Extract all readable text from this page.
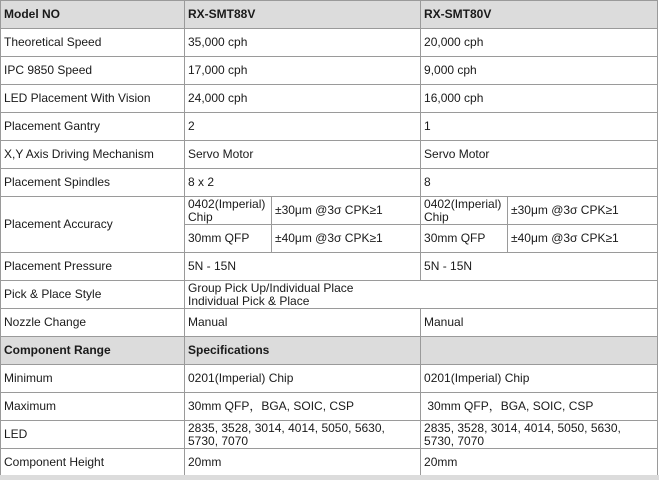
Model NO	RX-SMT88V		RX-SMT80V	
Theoretical Speed	35,000 cph		20,000 cph	
IPC 9850 Speed	17,000 cph		9,000 cph	
LED Placement With Vision	24,000 cph		16,000 cph	
Placement Gantry	2		1	
X,Y Axis Driving Mechanism	Servo Motor		Servo Motor	
Placement Spindles	8 x 2		8	
Placement Accuracy	0402(Imperial) Chip	±30μm @3σ CPK≥1	0402(Imperial) Chip	±30μm @3σ CPK≥1
	30mm QFP	±40μm @3σ CPK≥1	30mm QFP	±40μm @3σ CPK≥1
Placement Pressure	5N - 15N		5N - 15N	
Pick & Place Style	Group Pick Up/Individual Place
Individual Pick & Place			

Nozzle Change	Manual		Manual	
Component Range	Specifications			
Minimum	0201(Imperial) Chip		0201(Imperial) Chip	
Maximum	30mm QFP，BGA, SOIC, CSP		30mm QFP，BGA, SOIC, CSP	
LED	2835, 3528, 3014, 4014, 5050, 5630, 5730, 7070		2835, 3528, 3014, 4014, 5050, 5630, 5730, 7070	
Component Height	20mm		20mm	
